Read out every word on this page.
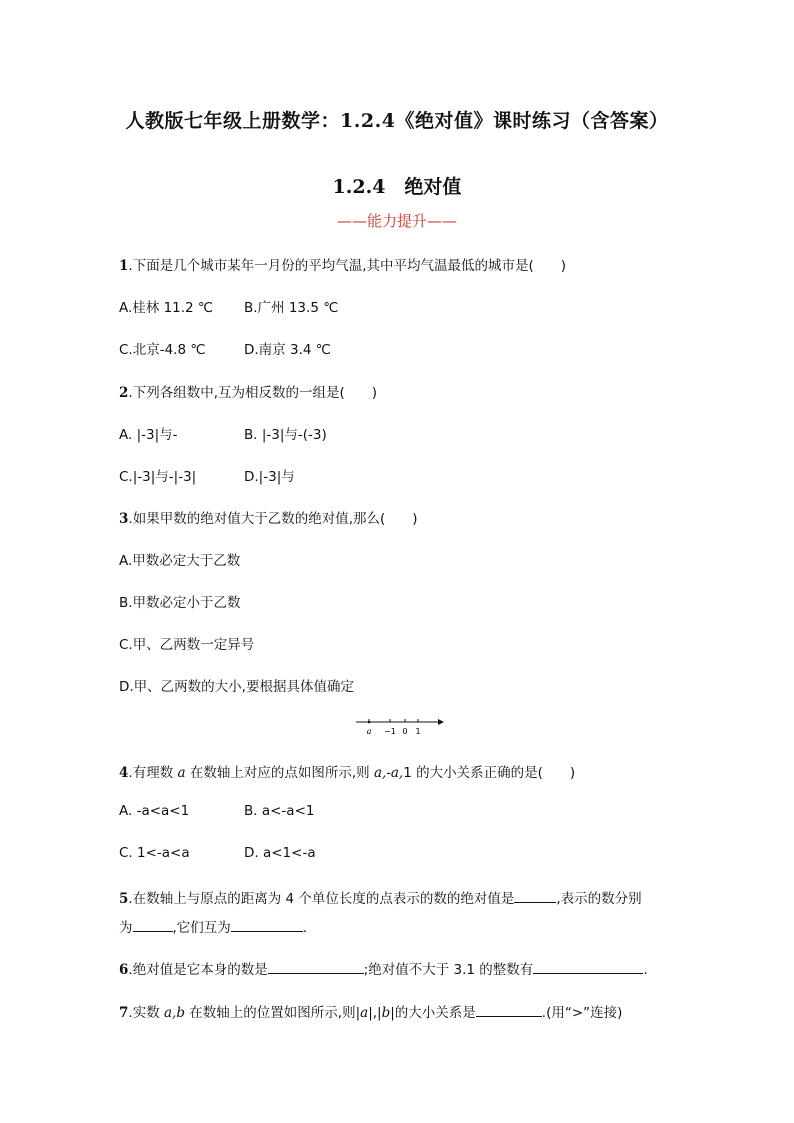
人教版七年级上册数学：1.2.4《绝对值》课时练习（含答案）
1.2.4　绝对值
——能力提升——
1.下面是几个城市某年一月份的平均气温,其中平均气温最低的城市是(　　)
A.桂林 11.2 ℃ B.广州 13.5 ℃
C.北京-4.8 ℃	D.南京 3.4 ℃
2.下列各组数中,互为相反数的一组是(　　)
A. |-3|与-	B. |-3|与-(-3)
C.|-3|与-|-3|	D.|-3|与
3.如果甲数的绝对值大于乙数的绝对值,那么(　　)
A.甲数必定大于乙数
B.甲数必定小于乙数
C.甲、乙两数一定异号
D.甲、乙两数的大小,要根据具体值确定
a −1 0 1
4.有理数 a 在数轴上对应的点如图所示,则 a,-a,1 的大小关系正确的是(　　)
A. -a<a<1	B. a<-a<1
C. 1<-a<a	D. a<1<-a
5.在数轴上与原点的距离为 4 个单位长度的点表示的数的绝对值是	,表示的数分别
为	,它们互为	.
6.绝对值是它本身的数是	;绝对值不大于 3.1 的整数有	.
7.实数 a,b 在数轴上的位置如图所示,则|a|,|b|的大小关系是	.(用“>”连接)
